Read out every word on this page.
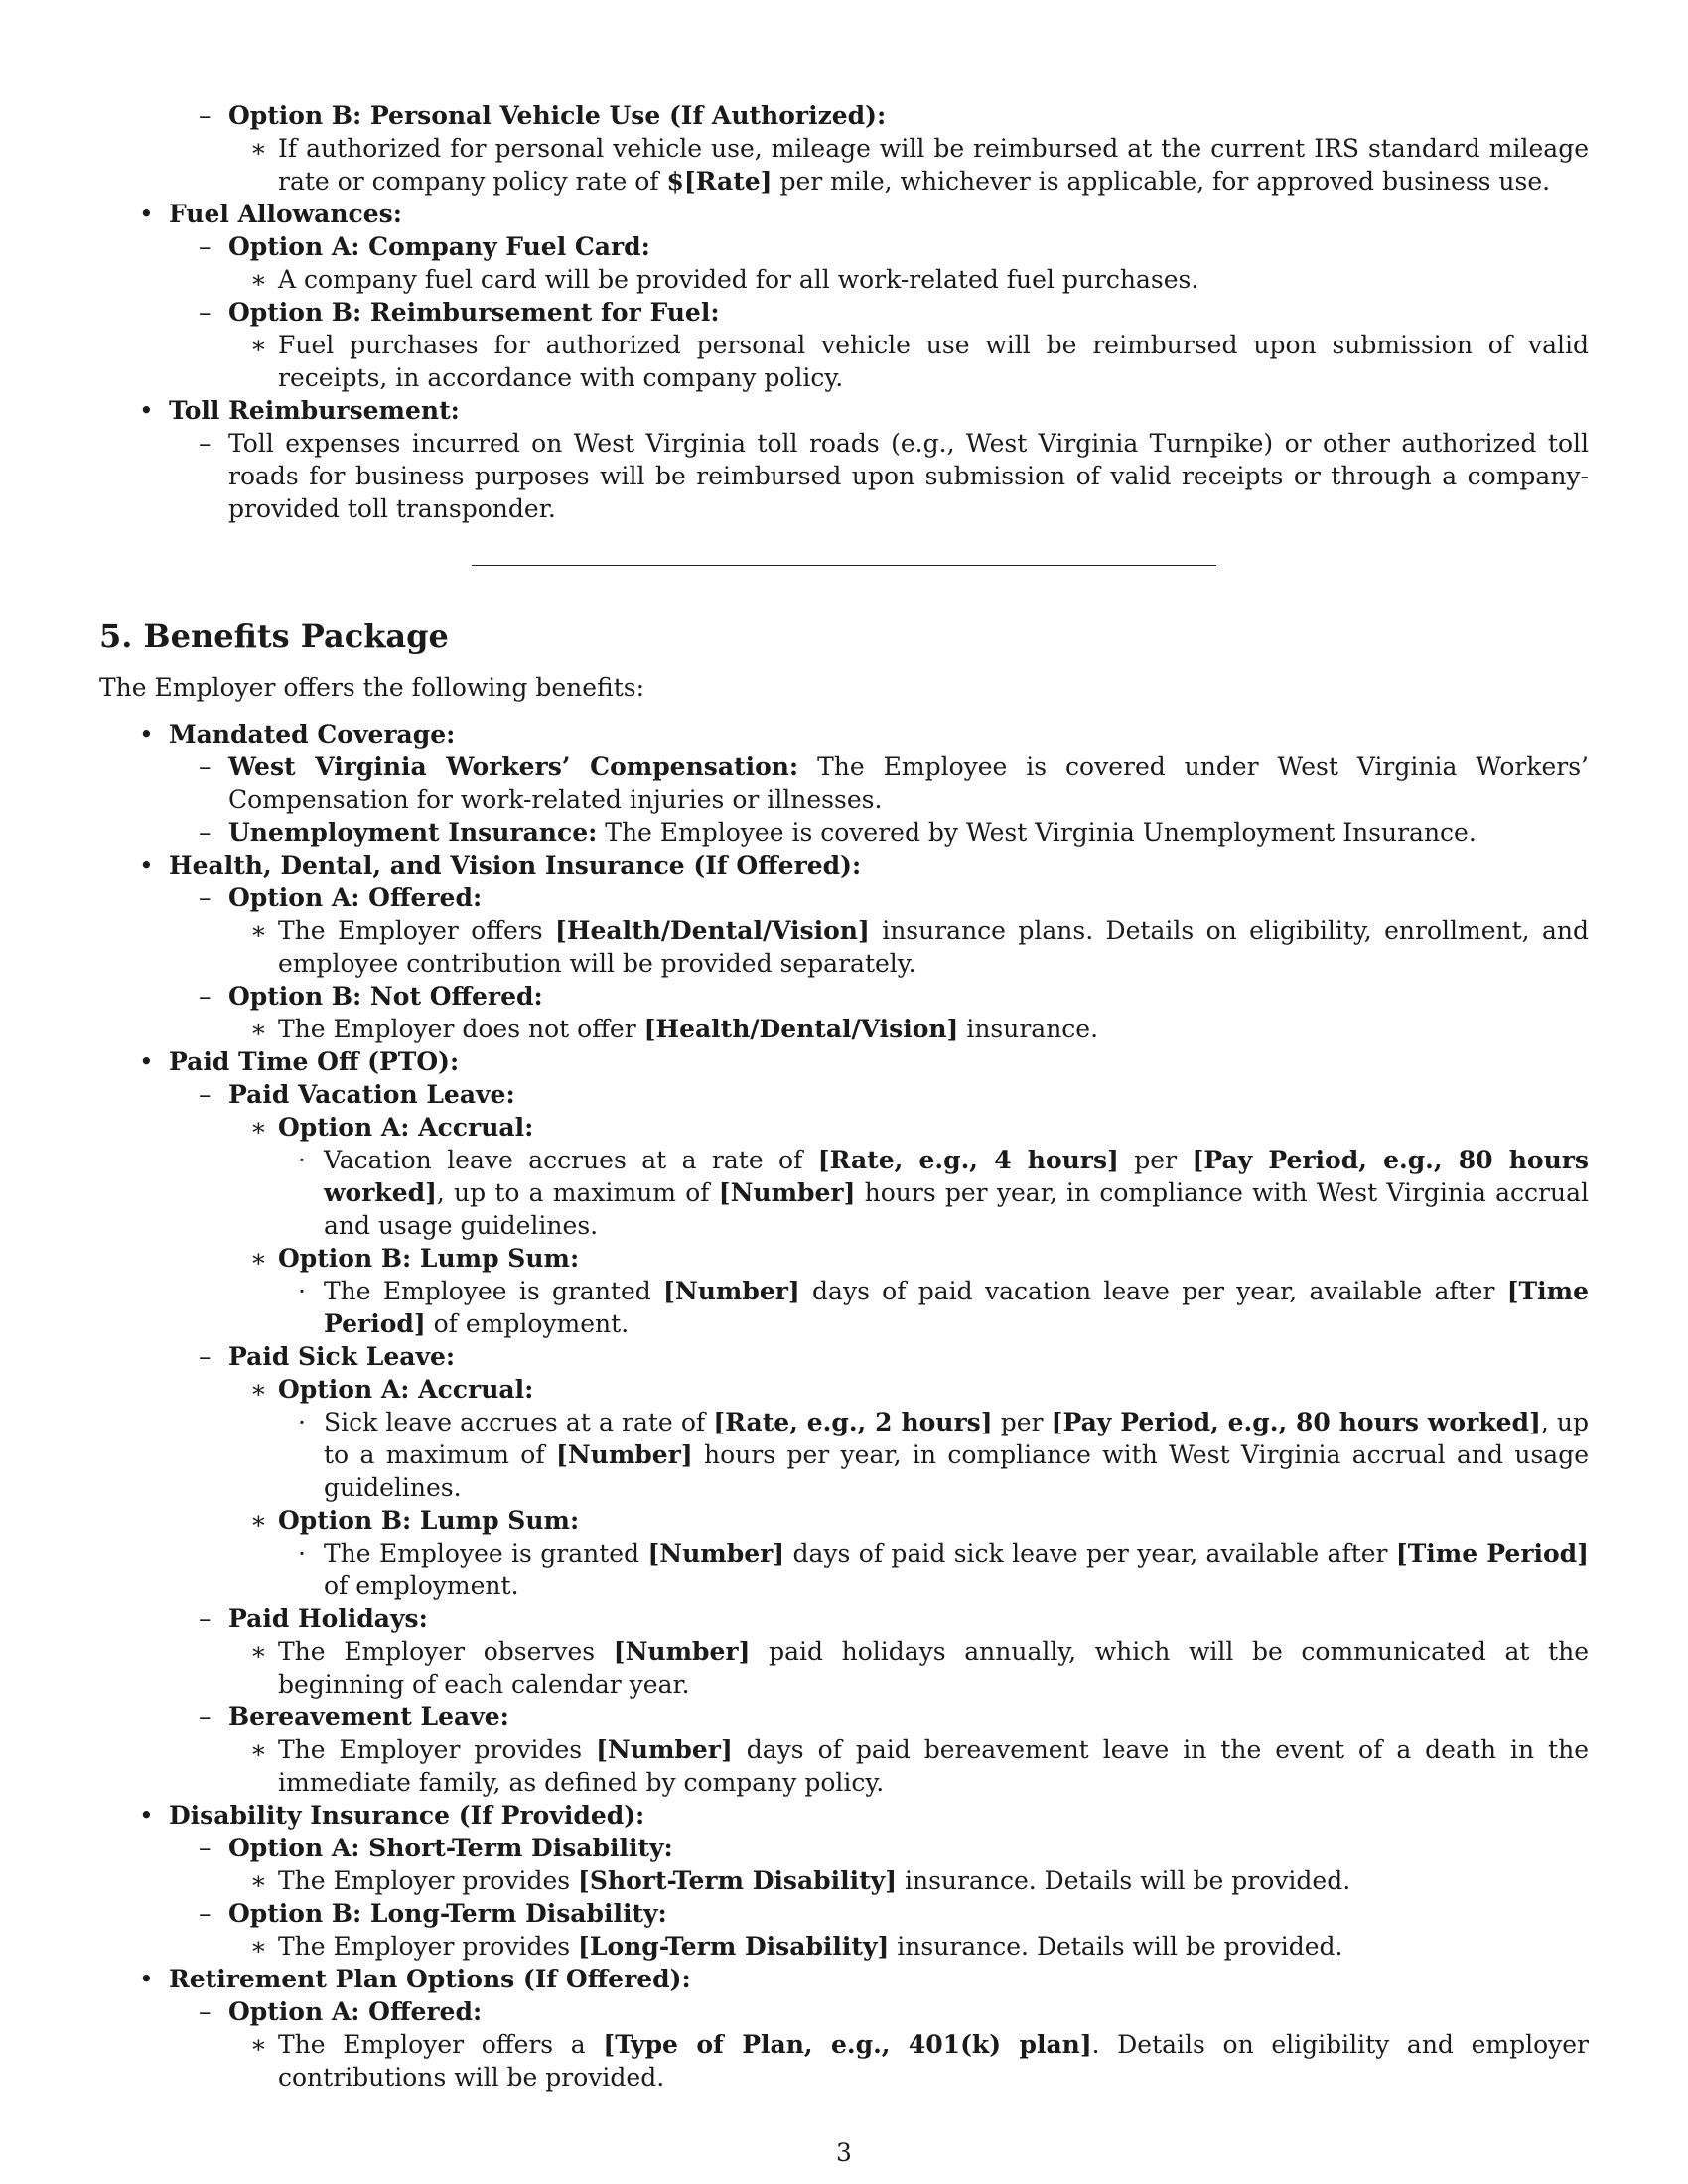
– Option B: Personal Vehicle Use (If Authorized):
∗ If authorized for personal vehicle use, mileage will be reimbursed at the current IRS standard mileage rate or company policy rate of $[Rate] per mile, whichever is applicable, for approved business use.
• Fuel Allowances:
– Option A: Company Fuel Card:
∗ A company fuel card will be provided for all work-related fuel purchases.
– Option B: Reimbursement for Fuel:
∗ Fuel purchases for authorized personal vehicle use will be reimbursed upon submission of valid receipts, in accordance with company policy.
• Toll Reimbursement:
– Toll expenses incurred on West Virginia toll roads (e.g., West Virginia Turnpike) or other authorized toll roads for business purposes will be reimbursed upon submission of valid receipts or through a company-provided toll transponder.
5. Benefits Package
The Employer offers the following benefits:
• Mandated Coverage:
– West Virginia Workers’ Compensation: The Employee is covered under West Virginia Workers’ Compensation for work-related injuries or illnesses.
– Unemployment Insurance: The Employee is covered by West Virginia Unemployment Insurance.
• Health, Dental, and Vision Insurance (If Offered):
– Option A: Offered:
∗ The Employer offers [Health/Dental/Vision] insurance plans. Details on eligibility, enrollment, and employee contribution will be provided separately.
– Option B: Not Offered:
∗ The Employer does not offer [Health/Dental/Vision] insurance.
• Paid Time Off (PTO):
– Paid Vacation Leave:
∗ Option A: Accrual:
· Vacation leave accrues at a rate of [Rate, e.g., 4 hours] per [Pay Period, e.g., 80 hours worked], up to a maximum of [Number] hours per year, in compliance with West Virginia accrual and usage guidelines.
∗ Option B: Lump Sum:
· The Employee is granted [Number] days of paid vacation leave per year, available after [Time Period] of employment.
– Paid Sick Leave:
∗ Option A: Accrual:
· Sick leave accrues at a rate of [Rate, e.g., 2 hours] per [Pay Period, e.g., 80 hours worked], up to a maximum of [Number] hours per year, in compliance with West Virginia accrual and usage guidelines.
∗ Option B: Lump Sum:
· The Employee is granted [Number] days of paid sick leave per year, available after [Time Period] of employment.
– Paid Holidays:
∗ The Employer observes [Number] paid holidays annually, which will be communicated at the beginning of each calendar year.
– Bereavement Leave:
∗ The Employer provides [Number] days of paid bereavement leave in the event of a death in the immediate family, as defined by company policy.
• Disability Insurance (If Provided):
– Option A: Short-Term Disability:
∗ The Employer provides [Short-Term Disability] insurance. Details will be provided.
– Option B: Long-Term Disability:
∗ The Employer provides [Long-Term Disability] insurance. Details will be provided.
• Retirement Plan Options (If Offered):
– Option A: Offered:
∗ The Employer offers a [Type of Plan, e.g., 401(k) plan]. Details on eligibility and employer contributions will be provided.
3
